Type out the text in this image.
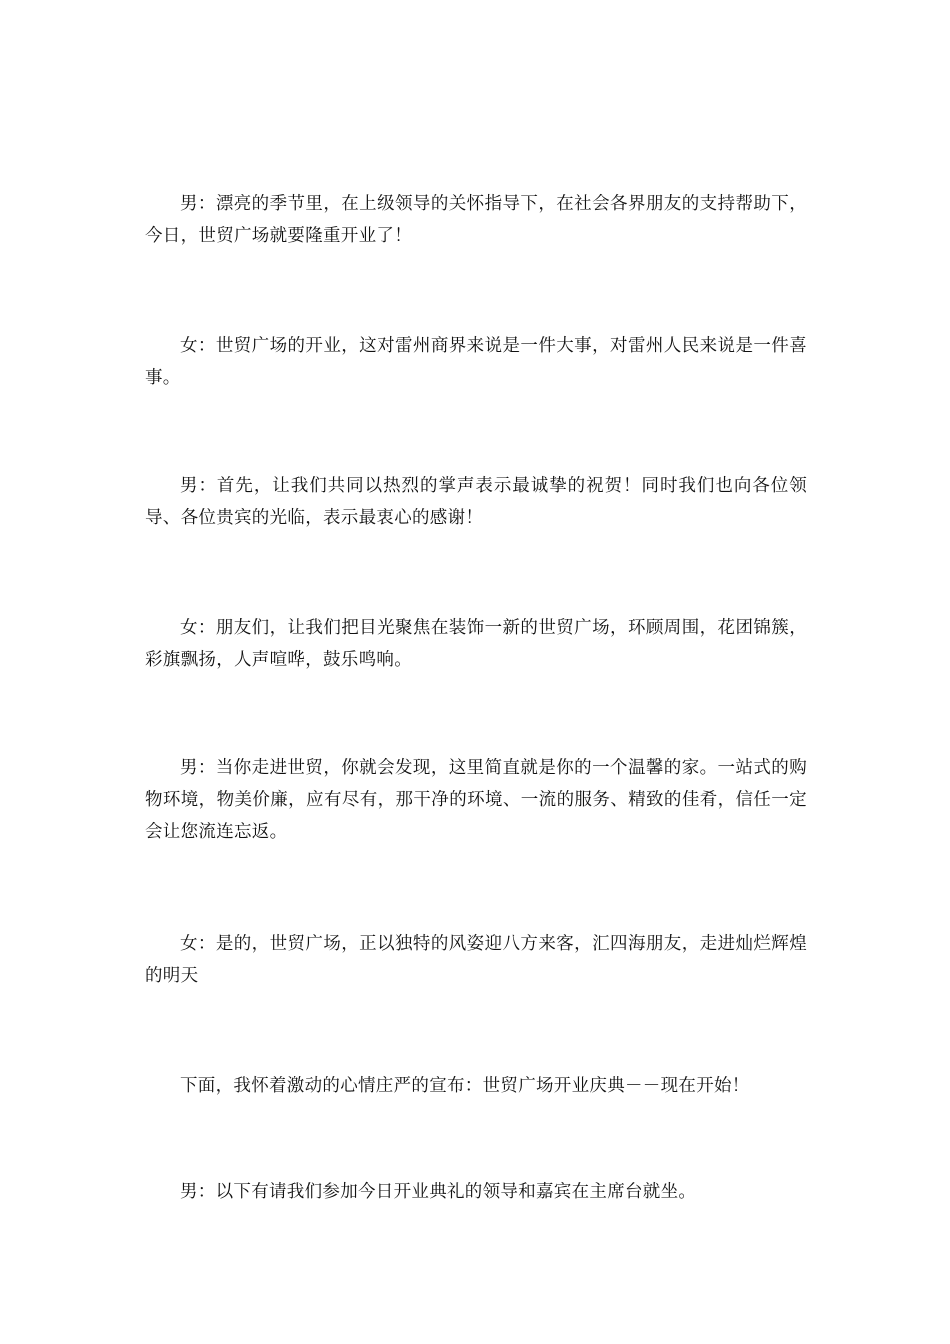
男：漂亮的季节里，在上级领导的关怀指导下，在社会各界朋友的支持帮助下，今日，世贸广场就要隆重开业了！

女：世贸广场的开业，这对雷州商界来说是一件大事，对雷州人民来说是一件喜事。

男：首先，让我们共同以热烈的掌声表示最诚挚的祝贺！同时我们也向各位领导、各位贵宾的光临，表示最衷心的感谢！

女：朋友们，让我们把目光聚焦在装饰一新的世贸广场，环顾周围，花团锦簇，彩旗飘扬，人声喧哗，鼓乐鸣响。

男：当你走进世贸，你就会发现，这里简直就是你的一个温馨的家。一站式的购物环境，物美价廉，应有尽有，那干净的环境、一流的服务、精致的佳肴，信任一定会让您流连忘返。

女：是的，世贸广场，正以独特的风姿迎八方来客，汇四海朋友，走进灿烂辉煌的明天

下面，我怀着激动的心情庄严的宣布：世贸广场开业庆典－－现在开始！

男：以下有请我们参加今日开业典礼的领导和嘉宾在主席台就坐。
